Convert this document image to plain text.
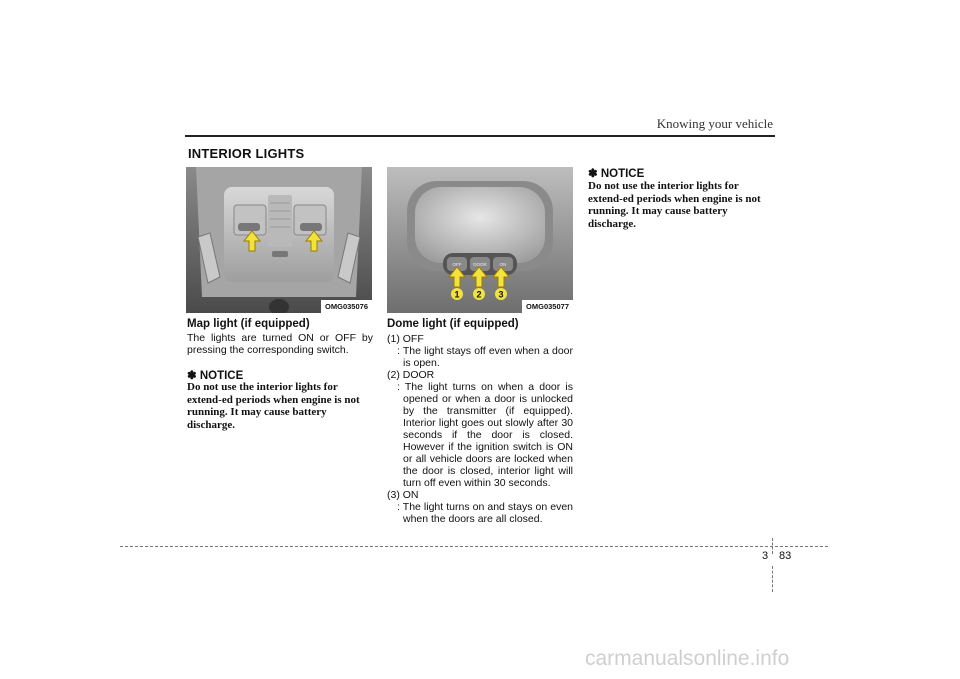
Knowing your vehicle
INTERIOR LIGHTS
OMG035076
Map light (if equipped)
The lights are turned ON or OFF by pressing the corresponding switch.
✽ NOTICE
Do not use the interior lights for extend-ed periods when engine is not running. It may cause battery discharge.
OFF	DOOR	ON
1 2 3
OMG035077
Dome light (if equipped)
(1) OFF
: The light stays off even when a door is open.
(2) DOOR
: The light turns on when a door is opened or when a door is unlocked by the transmitter (if equipped). Interior light goes out slowly after 30 seconds if the door is closed. However if the ignition switch is ON or all vehicle doors are locked when the door is closed, interior light will turn off even within 30 seconds.
(3) ON
: The light turns on and stays on even when the doors are all closed.
✽ NOTICE
Do not use the interior lights for extend-ed periods when engine is not running. It may cause battery discharge.
3 83
carmanualsonline.info
